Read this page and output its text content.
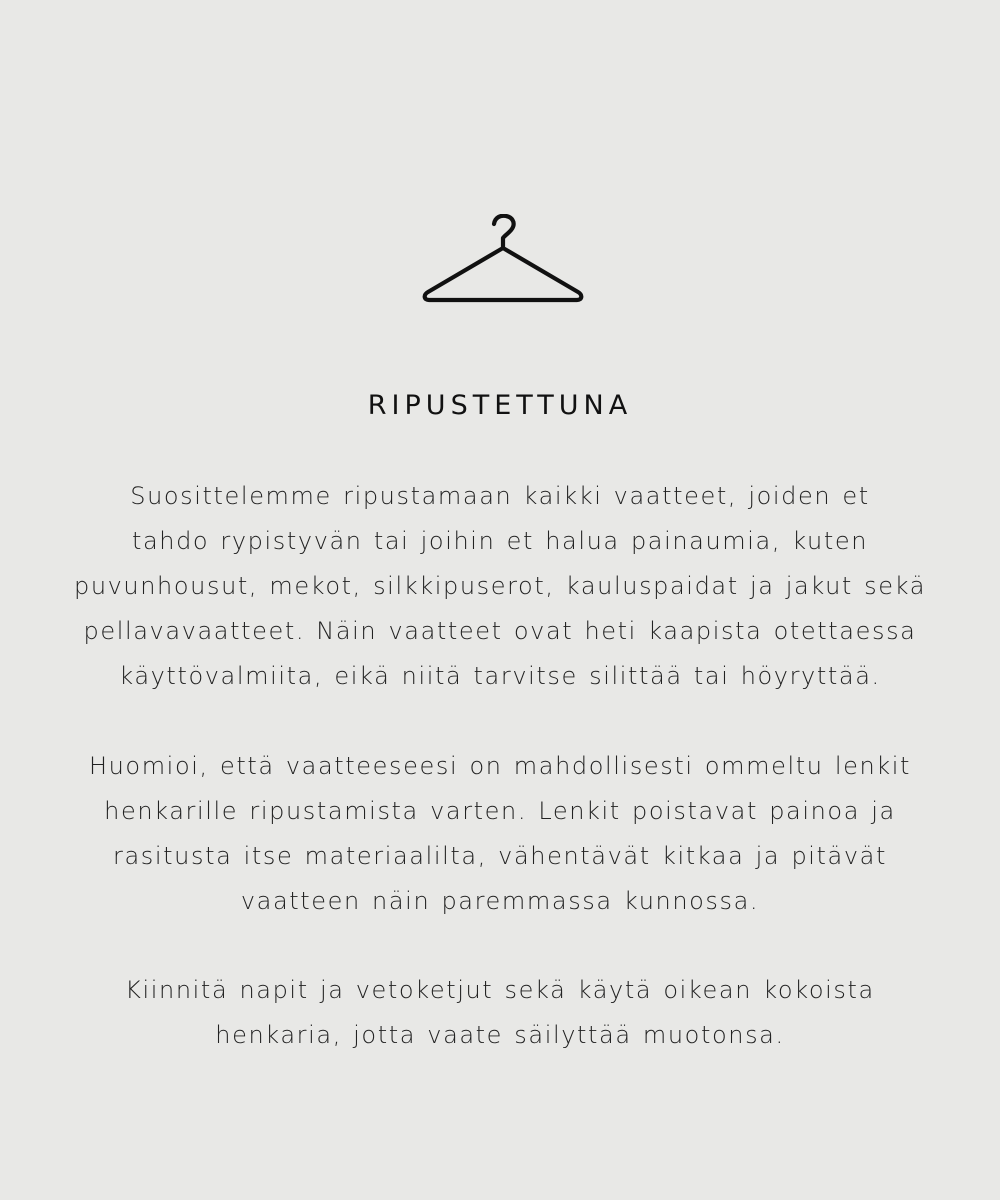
RIPUSTETTUNA
Suosittelemme ripustamaan kaikki vaatteet, joiden et
tahdo rypistyvän tai joihin et halua painaumia, kuten
puvunhousut, mekot, silkkipuserot, kauluspaidat ja jakut sekä
pellavavaatteet. Näin vaatteet ovat heti kaapista otettaessa
käyttövalmiita, eikä niitä tarvitse silittää tai höyryttää.
Huomioi, että vaatteeseesi on mahdollisesti ommeltu lenkit
henkarille ripustamista varten. Lenkit poistavat painoa ja
rasitusta itse materiaalilta, vähentävät kitkaa ja pitävät
vaatteen näin paremmassa kunnossa.
Kiinnitä napit ja vetoketjut sekä käytä oikean kokoista
henkaria, jotta vaate säilyttää muotonsa.
